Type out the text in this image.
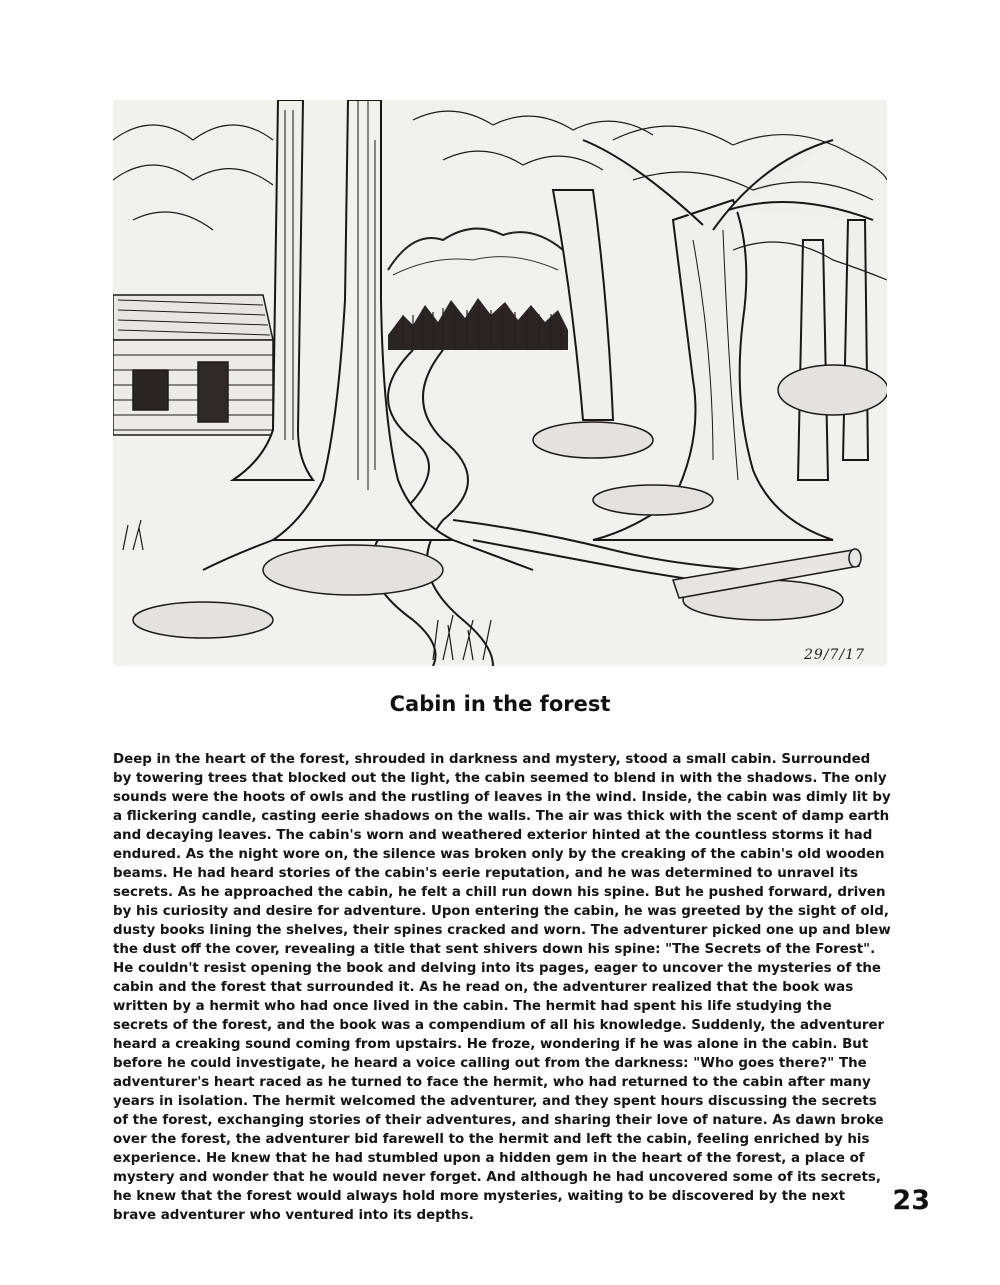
29/7/17
Cabin in the forest

Deep in the heart of the forest, shrouded in darkness and mystery, stood a small cabin. Surrounded by towering trees that blocked out the light, the cabin seemed to blend in with the shadows. The only sounds were the hoots of owls and the rustling of leaves in the wind. Inside, the cabin was dimly lit by a flickering candle, casting eerie shadows on the walls. The air was thick with the scent of damp earth and decaying leaves. The cabin's worn and weathered exterior hinted at the countless storms it had endured. As the night wore on, the silence was broken only by the creaking of the cabin's old wooden beams. He had heard stories of the cabin's eerie reputation, and he was determined to unravel its secrets. As he approached the cabin, he felt a chill run down his spine. But he pushed forward, driven by his curiosity and desire for adventure. Upon entering the cabin, he was greeted by the sight of old, dusty books lining the shelves, their spines cracked and worn. The adventurer picked one up and blew the dust off the cover, revealing a title that sent shivers down his spine: "The Secrets of the Forest". He couldn't resist opening the book and delving into its pages, eager to uncover the mysteries of the cabin and the forest that surrounded it. As he read on, the adventurer realized that the book was written by a hermit who had once lived in the cabin. The hermit had spent his life studying the secrets of the forest, and the book was a compendium of all his knowledge. Suddenly, the adventurer heard a creaking sound coming from upstairs. He froze, wondering if he was alone in the cabin. But before he could investigate, he heard a voice calling out from the darkness: "Who goes there?" The adventurer's heart raced as he turned to face the hermit, who had returned to the cabin after many years in isolation. The hermit welcomed the adventurer, and they spent hours discussing the secrets of the forest, exchanging stories of their adventures, and sharing their love of nature. As dawn broke over the forest, the adventurer bid farewell to the hermit and left the cabin, feeling enriched by his experience. He knew that he had stumbled upon a hidden gem in the heart of the forest, a place of mystery and wonder that he would never forget. And although he had uncovered some of its secrets, he knew that the forest would always hold more mysteries, waiting to be discovered by the next brave adventurer who ventured into its depths.	23
